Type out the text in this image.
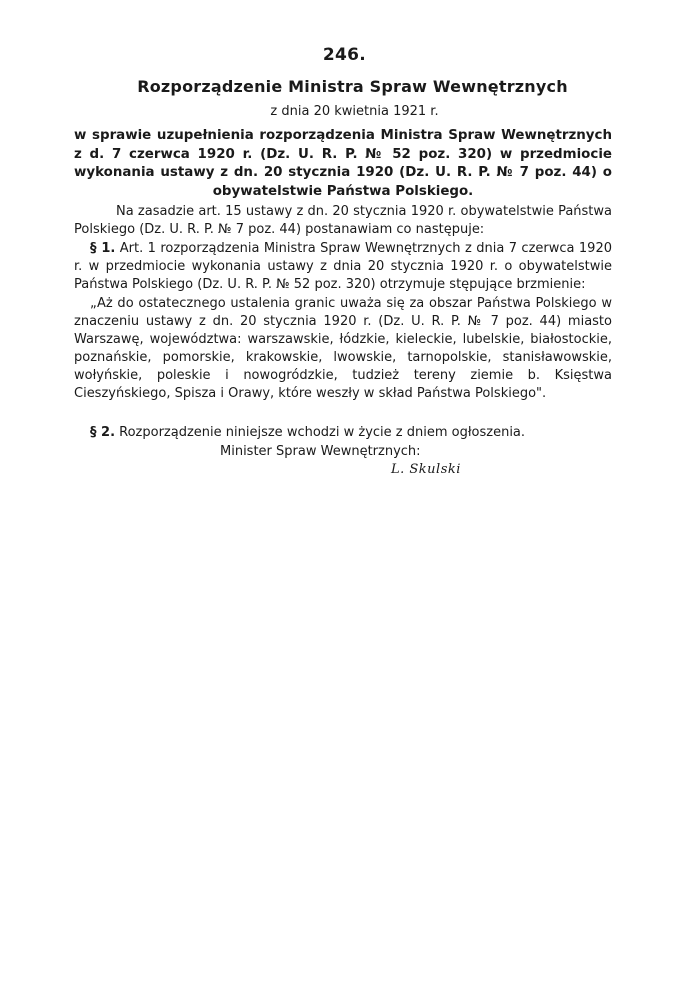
246.
Rozporządzenie Ministra Spraw Wewnętrznych
z dnia 20 kwietnia 1921 r.
w sprawie uzupełnienia rozporządzenia Ministra Spraw Wewnętrznych z d. 7 czerwca 1920 r. (Dz. U. R. P. № 52 poz. 320) w przedmiocie wykonania ustawy z dn. 20 stycznia 1920 (Dz. U. R. P. № 7 poz. 44) o obywatelstwie Państwa Polskiego.
Na zasadzie art. 15 ustawy z dn. 20 stycznia 1920 r. obywatelstwie Państwa Polskiego (Dz. U. R. P. № 7 poz. 44) postanawiam co następuje:
§ 1. Art. 1 rozporządzenia Ministra Spraw Wewnętrznych z dnia 7 czerwca 1920 r. w przedmiocie wykonania ustawy z dnia 20 stycznia 1920 r. o obywatelstwie Państwa Polskiego (Dz. U. R. P. № 52 poz. 320) otrzymuje stępujące brzmienie:
„Aż do ostatecznego ustalenia granic uważa się za obszar Państwa Polskiego w znaczeniu ustawy z dn. 20 stycznia 1920 r. (Dz. U. R. P. № 7 poz. 44) miasto Warszawę, województwa: warszawskie, łódzkie, kieleckie, lubelskie, białostockie, poznańskie, pomorskie, krakowskie, lwowskie, tarnopolskie, stanisławowskie, wołyńskie, poleskie i nowogródzkie, tudzież tereny ziemie b. Księstwa Cieszyńskiego, Spisza i Orawy, które weszły w skład Państwa Polskiego".
§ 2. Rozporządzenie niniejsze wchodzi w życie z dniem ogłoszenia.
Minister Spraw Wewnętrznych:
L. Skulski
